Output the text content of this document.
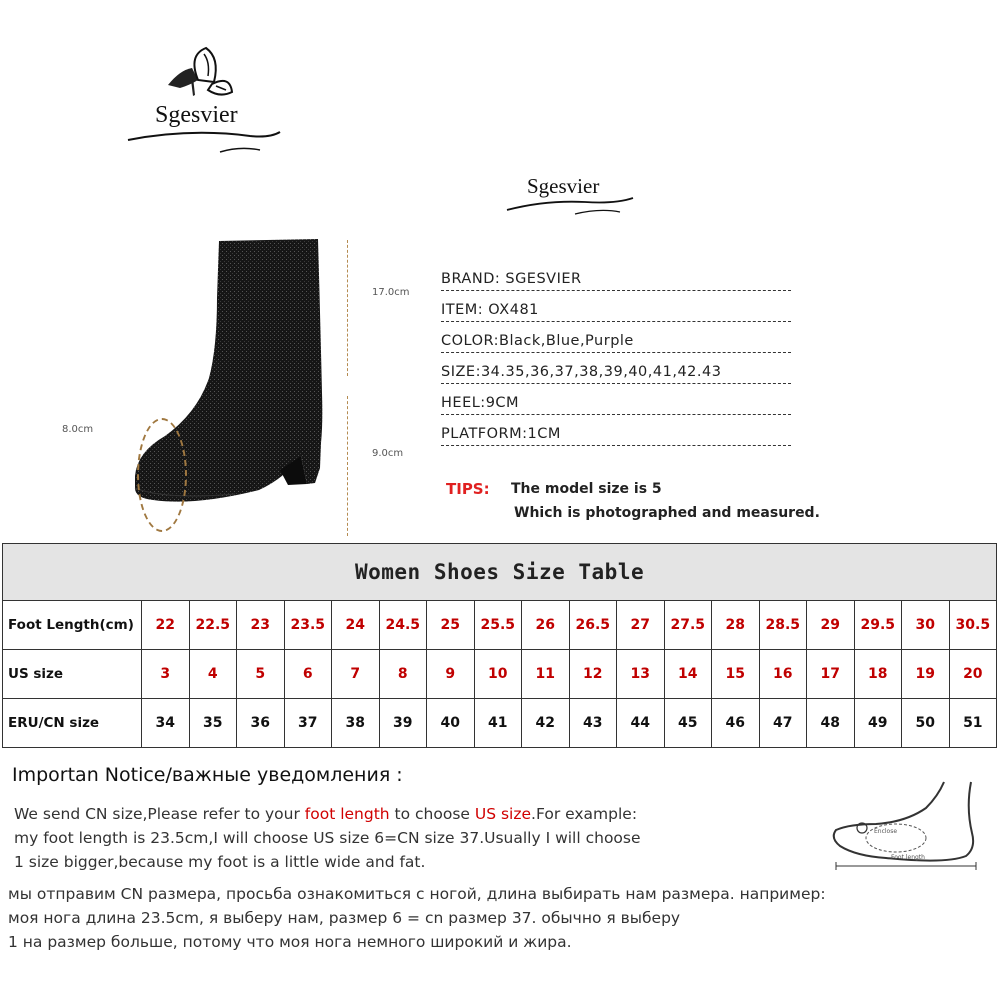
Sgesvier
Sgesvier
17.0cm
8.0cm
9.0cm
BRAND: SGESVIER
ITEM: OX481
COLOR:Black,Blue,Purple
SIZE:34.35,36,37,38,39,40,41,42.43
HEEL:9CM
PLATFORM:1CM
TIPS: The model size is 5
Which is photographed and measured.
Women Shoes Size Table																		
Foot Length(cm)	22	22.5	23	23.5	24	24.5	25	25.5	26	26.5	27	27.5	28	28.5	29	29.5	30	30.5
US size	3	4	5	6	7	8	9	10	11	12	13	14	15	16	17	18	19	20
ERU/CN size	34	35	36	37	38	39	40	41	42	43	44	45	46	47	48	49	50	51
Importan Notice/важные уведомления :
We send CN size,Please refer to your foot length to choose US size.For example:
my foot length is 23.5cm,I will choose US size 6=CN size 37.Usually I will choose
1 size bigger,because my foot is a little wide and fat.
мы отправим CN размера, просьба ознакомиться с ногой, длина выбирать нам размера. например:
моя нога длина 23.5cm, я выберу нам, размер 6 = cn размер 37. обычно я выберу
1 на размер больше, потому что моя нога немного широкий и жира.
Enclose
Foot length
